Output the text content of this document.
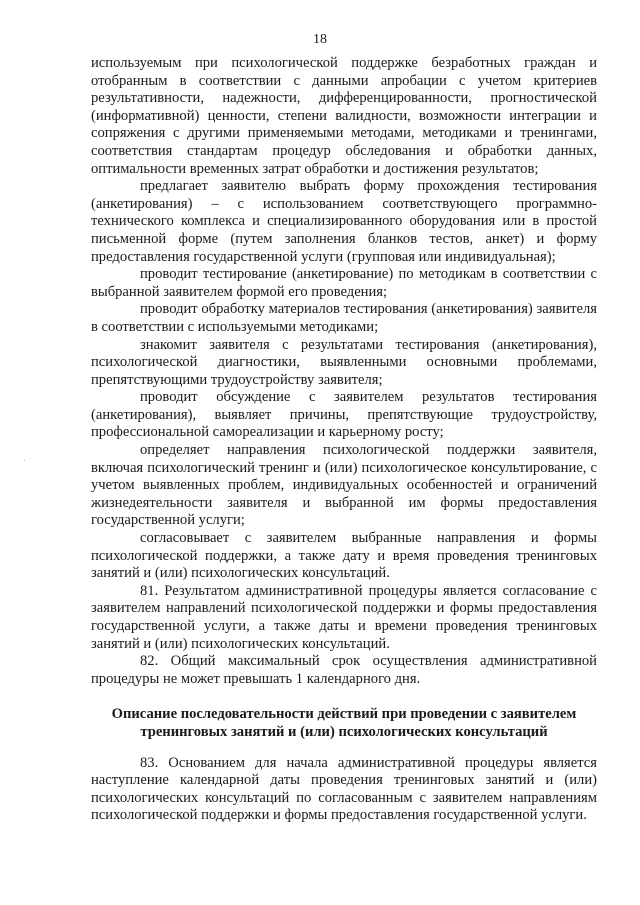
18

используемым при психологической поддержке безработных граждан и отобранным в соответствии с данными апробации с учетом критериев результативности, надежности, дифференцированности, прогностической (информативной) ценности, степени валидности, возможности интеграции и сопряжения с другими применяемыми методами, методиками и тренингами, соответствия стандартам процедур обследования и обработки данных, оптимальности временных затрат обработки и достижения результатов;

предлагает заявителю выбрать форму прохождения тестирования (анкетирования) – с использованием соответствующего программно-технического комплекса и специализированного оборудования или в простой письменной форме (путем заполнения бланков тестов, анкет) и форму предоставления государственной услуги (групповая или индивидуальная);

проводит тестирование (анкетирование) по методикам в соответствии с выбранной заявителем формой его проведения;

проводит обработку материалов тестирования (анкетирования) заявителя в соответствии с используемыми методиками;

знакомит заявителя с результатами тестирования (анкетирования), психологической диагностики, выявленными основными проблемами, препятствующими трудоустройству заявителя;

проводит обсуждение с заявителем результатов тестирования (анкетирования), выявляет причины, препятствующие трудоустройству, профессиональной самореализации и карьерному росту;

определяет направления психологической поддержки заявителя, включая психологический тренинг и (или) психологическое консультирование, с учетом выявленных проблем, индивидуальных особенностей и ограничений жизнедеятельности заявителя и выбранной им формы предоставления государственной услуги;

согласовывает с заявителем выбранные направления и формы психологической поддержки, а также дату и время проведения тренинговых занятий и (или) психологических консультаций.

81. Результатом административной процедуры является согласование с заявителем направлений психологической поддержки и формы предоставления государственной услуги, а также даты и времени проведения тренинговых занятий и (или) психологических консультаций.

82. Общий максимальный срок осуществления административной процедуры не может превышать 1 календарного дня.

Описание последовательности действий при проведении с заявителем тренинговых занятий и (или) психологических консультаций

83. Основанием для начала административной процедуры является наступление календарной даты проведения тренинговых занятий и (или) психологических консультаций по согласованным с заявителем направлениям психологической поддержки и формы предоставления государственной услуги.
